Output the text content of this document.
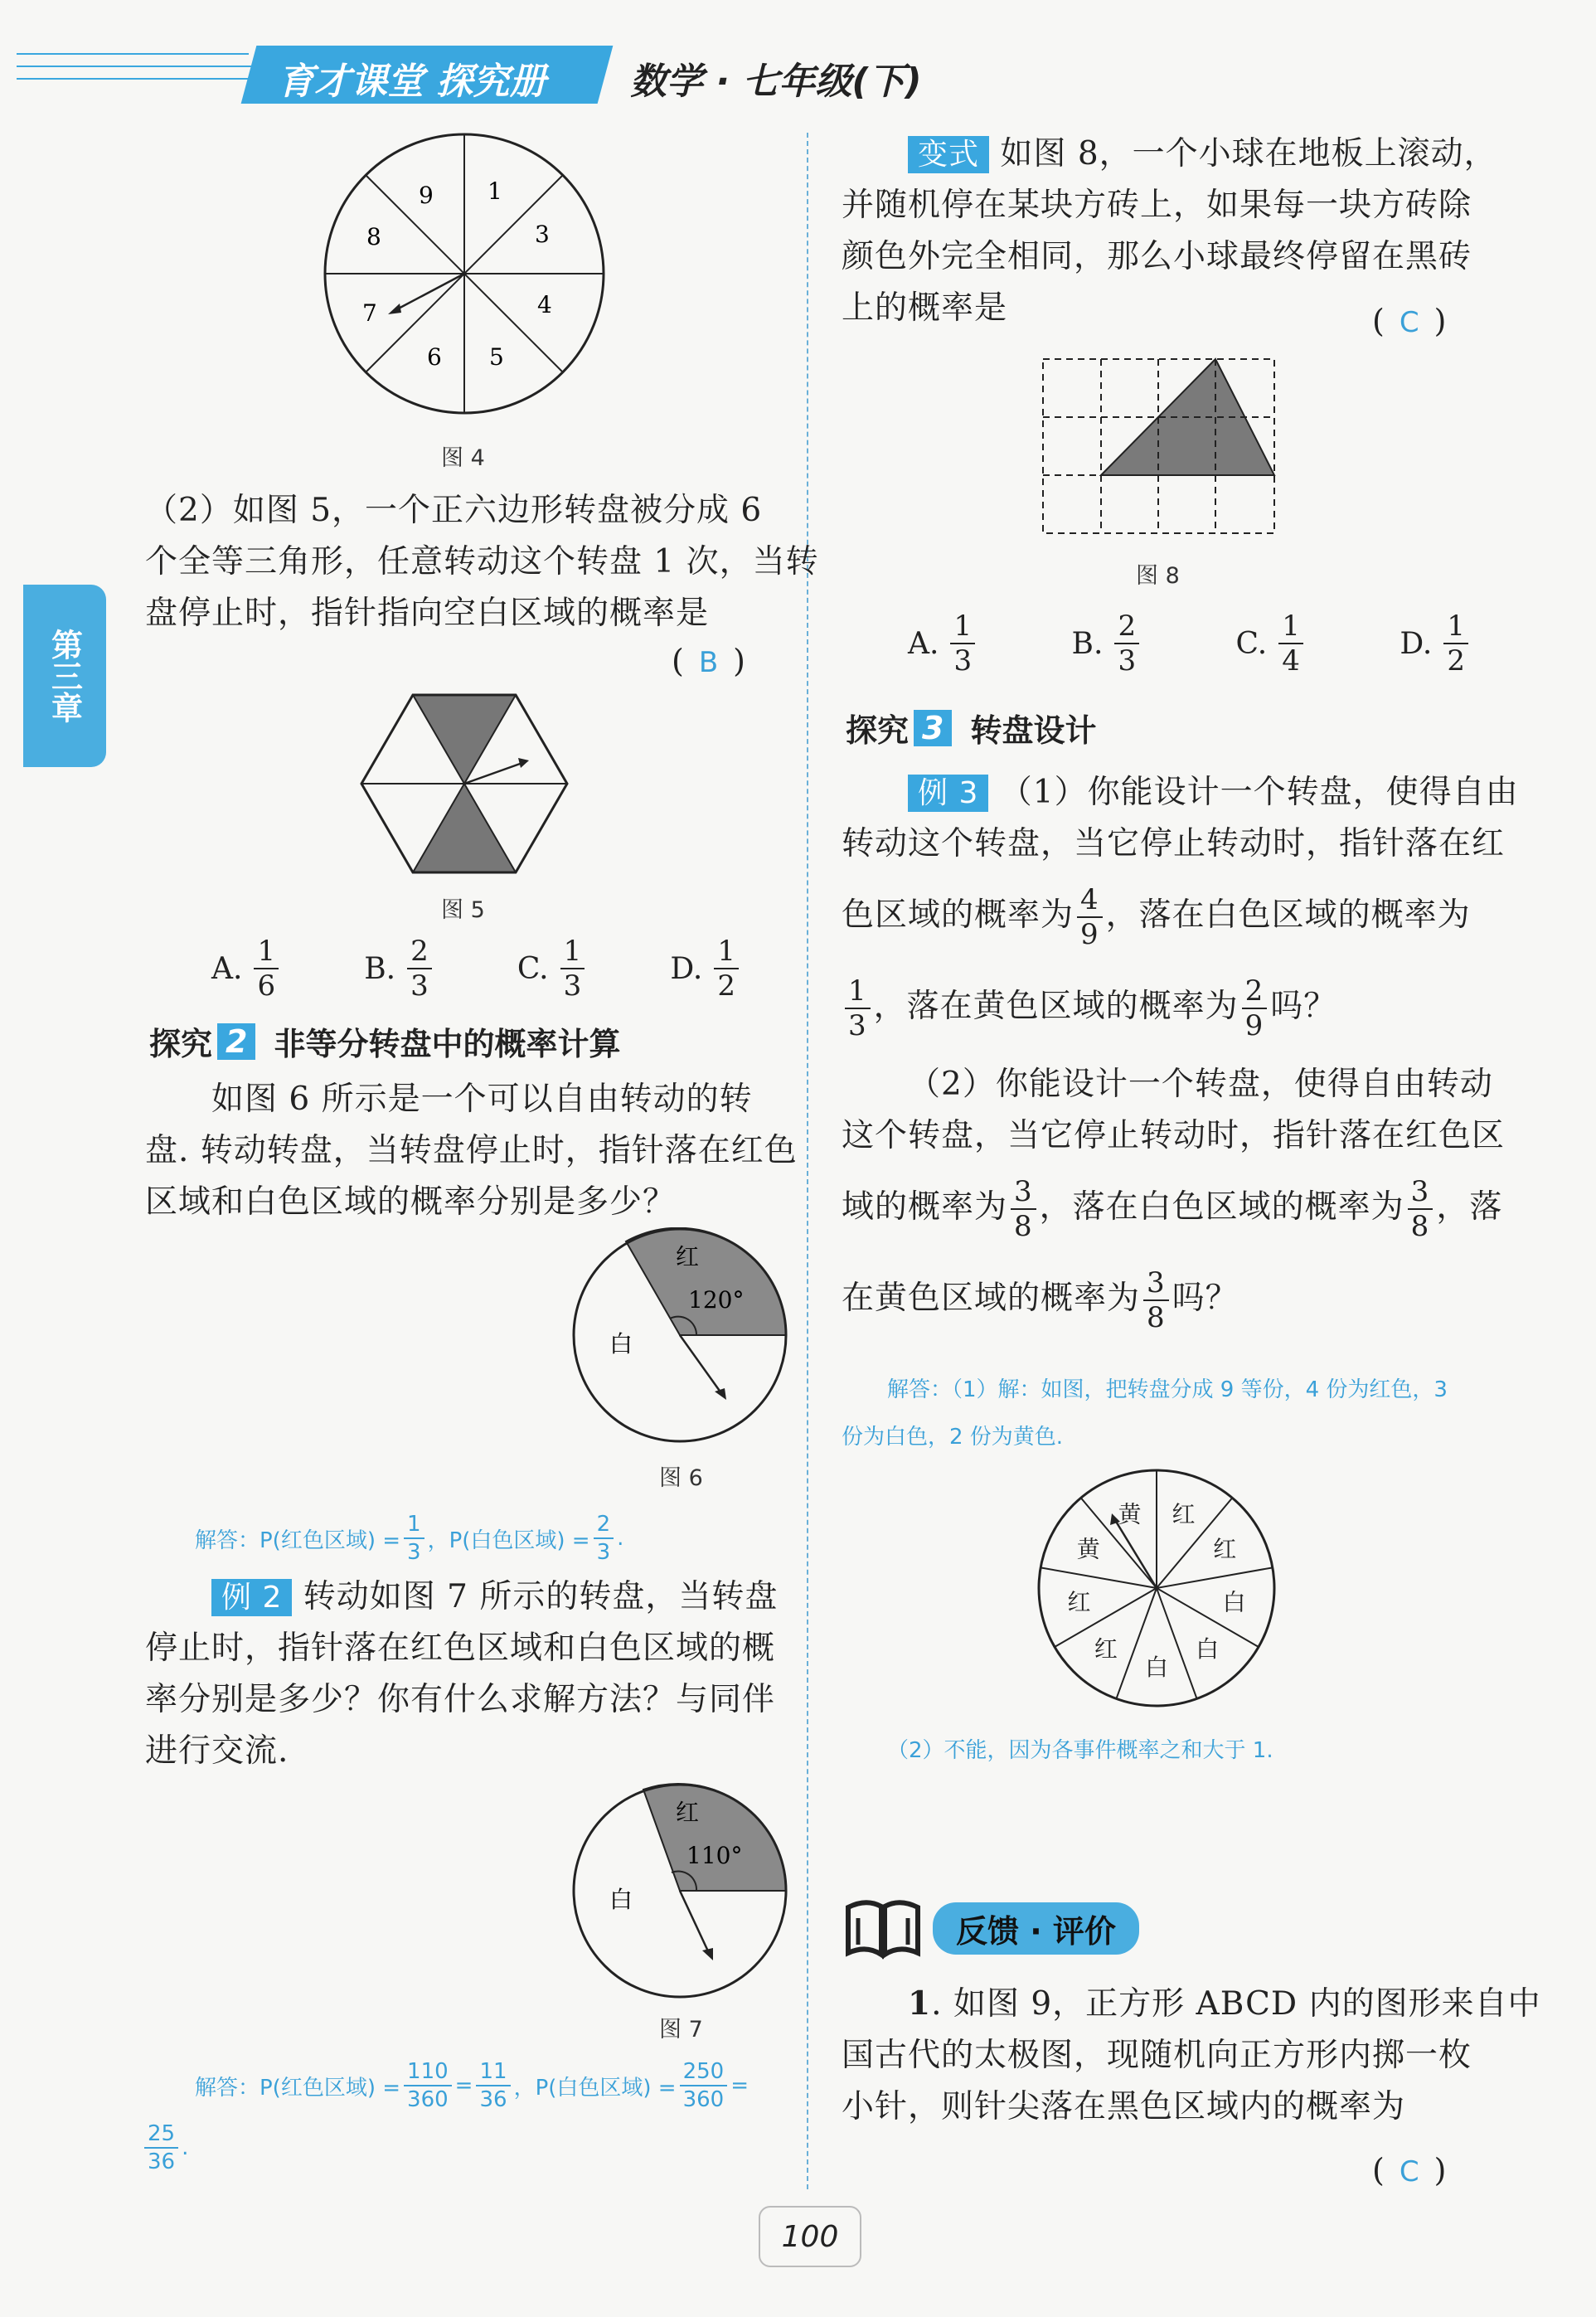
育才课堂 探究册 数学 · 七年级(下)
第三章
1
3
4
5
6
7
8
9
图 4
（2）如图 5，一个正六边形转盘被分成 6
个全等三角形，任意转动这个转盘 1 次，当转
盘停止时，指针指向空白区域的概率是
( B )
图 5
A. $\frac{1}{6}$	B. $\frac{2}{3}$	C. $\frac{1}{3}$	D. $\frac{1}{2}$
探究 2 非等分转盘中的概率计算
如图 6 所示是一个可以自由转动的转
盘. 转动转盘，当转盘停止时，指针落在红色
区域和白色区域的概率分别是多少？
红
120°
白
图 6
解答：P(红色区域) = $\frac{1}{3}$ ，P(白色区域) = $\frac{2}{3}$ .
例 2 转动如图 7 所示的转盘，当转盘
停止时，指针落在红色区域和白色区域的概
率分别是多少？你有什么求解方法？与同伴
进行交流.
红
110°
白
图 7
解答：P(红色区域) = $\frac{110}{360} = \frac{11}{36}$ ，P(白色区域) = $\frac{250}{360}$ =
$\frac{25}{36}$ .
变式 如图 8，一个小球在地板上滚动，
并随机停在某块方砖上，如果每一块方砖除
颜色外完全相同，那么小球最终停留在黑砖
上的概率是	( C )
图 8
A. $\frac{1}{3}$	B. $\frac{2}{3}$	C. $\frac{1}{4}$	D. $\frac{1}{2}$
探究 3 转盘设计
例 3 （1）你能设计一个转盘，使得自由
转动这个转盘，当它停止转动时，指针落在红
色区域的概率为 $\frac{4}{9}$ ，落在白色区域的概率为
$\frac{1}{3}$ ，落在黄色区域的概率为 $\frac{2}{9}$ 吗？
（2）你能设计一个转盘，使得自由转动
这个转盘，当它停止转动时，指针落在红色区
域的概率为 $\frac{3}{8}$ ，落在白色区域的概率为 $\frac{3}{8}$ ，落
在黄色区域的概率为 $\frac{3}{8}$ 吗？
解答：（1）解：如图，把转盘分成 9 等份，4 份为红色，3
份为白色，2 份为黄色.
红
红
白
白
白
红
红
黄
黄
（2）不能，因为各事件概率之和大于 1.
反馈 · 评价
1. 如图 9，正方形 ABCD 内的图形来自中
国古代的太极图，现随机向正方形内掷一枚
小针，则针尖落在黑色区域内的概率为
( C )
100
